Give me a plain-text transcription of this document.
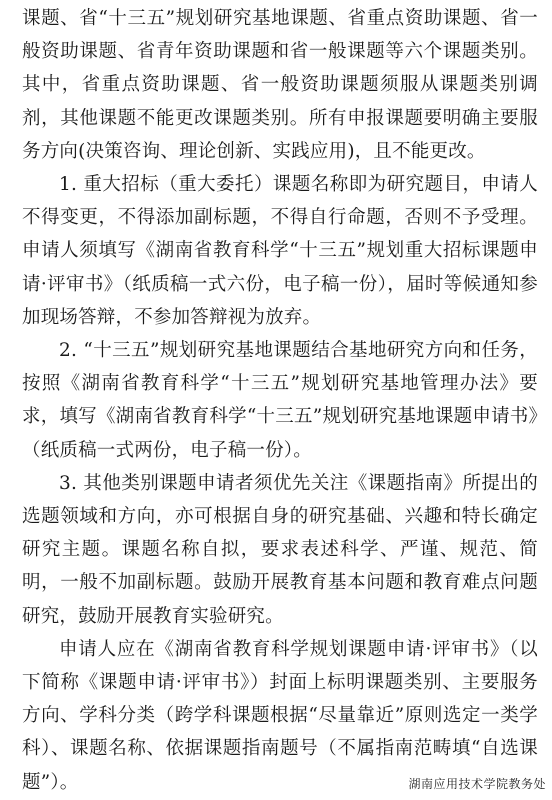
课题、省“十三五”规划研究基地课题、省重点资助课题、省一般资助课题、省青年资助课题和省一般课题等六个课题类别。其中，省重点资助课题、省一般资助课题须服从课题类别调剂，其他课题不能更改课题类别。所有申报课题要明确主要服务方向(决策咨询、理论创新、实践应用)，且不能更改。

1. 重大招标（重大委托）课题名称即为研究题目，申请人不得变更，不得添加副标题，不得自行命题，否则不予受理。申请人须填写《湖南省教育科学“十三五”规划重大招标课题申请·评审书》（纸质稿一式六份，电子稿一份），届时等候通知参加现场答辩，不参加答辩视为放弃。

2. “十三五”规划研究基地课题结合基地研究方向和任务，按照《湖南省教育科学“十三五”规划研究基地管理办法》要求，填写《湖南省教育科学“十三五”规划研究基地课题申请书》（纸质稿一式两份，电子稿一份）。

3. 其他类别课题申请者须优先关注《课题指南》所提出的选题领域和方向，亦可根据自身的研究基础、兴趣和特长确定研究主题。课题名称自拟，要求表述科学、严谨、规范、简明，一般不加副标题。鼓励开展教育基本问题和教育难点问题研究，鼓励开展教育实验研究。

申请人应在《湖南省教育科学规划课题申请·评审书》（以下简称《课题申请·评审书》）封面上标明课题类别、主要服务方向、学科分类（跨学科课题根据“尽量靠近”原则选定一类学科）、课题名称、依据课题指南题号（不属指南范畴填“自选课题”）。	湖南应用技术学院教务处
